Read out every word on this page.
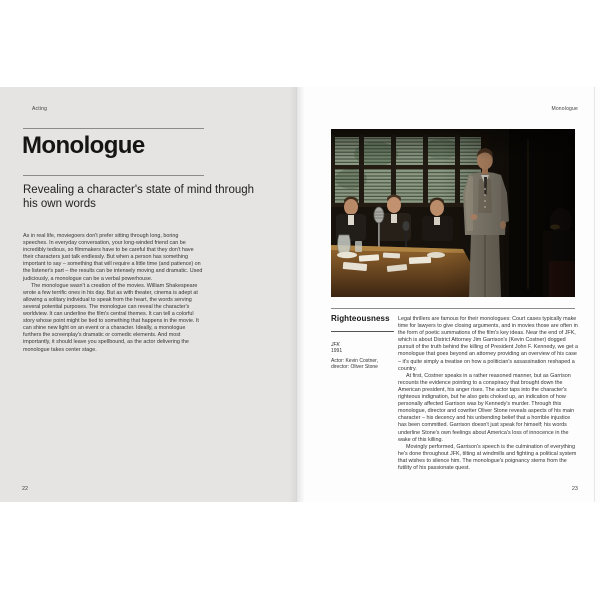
Acting
Monologue
Revealing a character's state of mind through his own words

As in real life, moviegoers don't prefer sitting through long, boring speeches. In everyday conversation, your long-winded friend can be incredibly tedious, so filmmakers have to be careful that they don't have their characters just talk endlessly. But when a person has something important to say – something that will require a little time (and patience) on the listener's part – the results can be intensely moving and dramatic. Used judiciously, a monologue can be a verbal powerhouse.

The monologue wasn't a creation of the movies. William Shakespeare wrote a few terrific ones in his day. But as with theater, cinema is adept at allowing a solitary individual to speak from the heart, the words serving several potential purposes. The monologue can reveal the character's worldview. It can underline the film's central themes. It can tell a colorful story whose point might be tied to something that happens in the movie. It can shine new light on an event or a character. Ideally, a monologue furthers the screenplay's dramatic or comedic elements. And most importantly, it should leave you spellbound, as the actor delivering the monologue takes center stage.

22
Monologue
Righteousness
JFK
1991
Actor: Kevin Costner,
director: Oliver Stone

Legal thrillers are famous for their monologues: Court cases typically make time for lawyers to give closing arguments, and in movies those are often in the form of poetic summations of the film's key ideas. Near the end of JFK, which is about District Attorney Jim Garrison's (Kevin Costner) dogged pursuit of the truth behind the killing of President John F. Kennedy, we get a monologue that goes beyond an attorney providing an overview of his case – it's quite simply a treatise on how a politician's assassination reshaped a country.

At first, Costner speaks in a rather reasoned manner, but as Garrison recounts the evidence pointing to a conspiracy that brought down the American president, his anger rises. The actor taps into the character's righteous indignation, but he also gets choked up, an indication of how personally affected Garrison was by Kennedy's murder. Through this monologue, director and cowriter Oliver Stone reveals aspects of his main character – his decency and his unbending belief that a horrible injustice has been committed. Garrison doesn't just speak for himself; his words underline Stone's own feelings about America's loss of innocence in the wake of this killing.

Movingly performed, Garrison's speech is the culmination of everything he's done throughout JFK, tilting at windmills and fighting a political system that wishes to silence him. The monologue's poignancy stems from the futility of his passionate quest.

23
